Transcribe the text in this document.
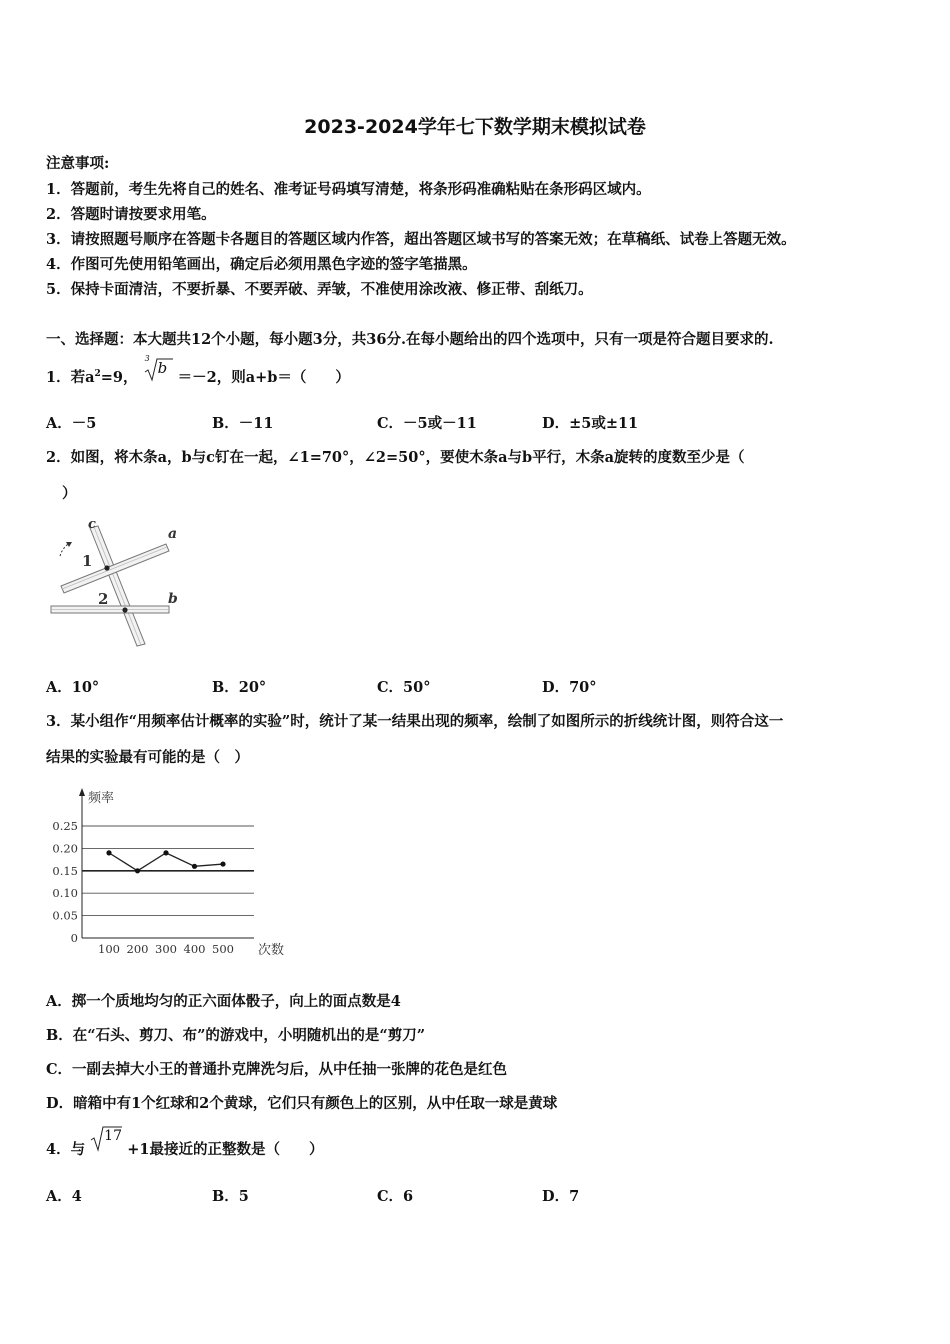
2023-2024学年七下数学期末模拟试卷
注意事项:
1．答题前，考生先将自己的姓名、准考证号码填写清楚，将条形码准确粘贴在条形码区域内。
2．答题时请按要求用笔。
3．请按照题号顺序在答题卡各题目的答题区域内作答，超出答题区域书写的答案无效；在草稿纸、试卷上答题无效。
4．作图可先使用铅笔画出，确定后必须用黑色字迹的签字笔描黑。
5．保持卡面清洁，不要折暴、不要弄破、弄皱，不准使用涂改液、修正带、刮纸刀。
一、选择题：本大题共12个小题，每小题3分，共36分.在每小题给出的四个选项中，只有一项是符合题目要求的.
1．若$a^2=9$，
3
b
＝－2，则a+b＝（　　）
A．－5	B．－11	C．－5或－11	D．±5或±11
2．如图，将木条a，b与c钉在一起，∠1=70°，∠2=50°，要使木条a与b平行，木条a旋转的度数至少是（
）
c
a
b
1
2
A．10°	B．20°	C．50°	D．70°
3．某小组作“用频率估计概率的实验”时，统计了某一结果出现的频率，绘制了如图所示的折线统计图，则符合这一
结果的实验最有可能的是（　）
0
0.05
0.10
0.15
0.20
0.25
频率
100 200 300 400 500 次数
A．掷一个质地均匀的正六面体骰子，向上的面点数是4
B．在“石头、剪刀、布”的游戏中，小明随机出的是“剪刀”
C．一副去掉大小王的普通扑克牌洗匀后，从中任抽一张牌的花色是红色
D．暗箱中有1个红球和2个黄球，它们只有颜色上的区别，从中任取一球是黄球
4．与
17
+1最接近的正整数是（　　）
A．4	B．5	C．6	D．7
